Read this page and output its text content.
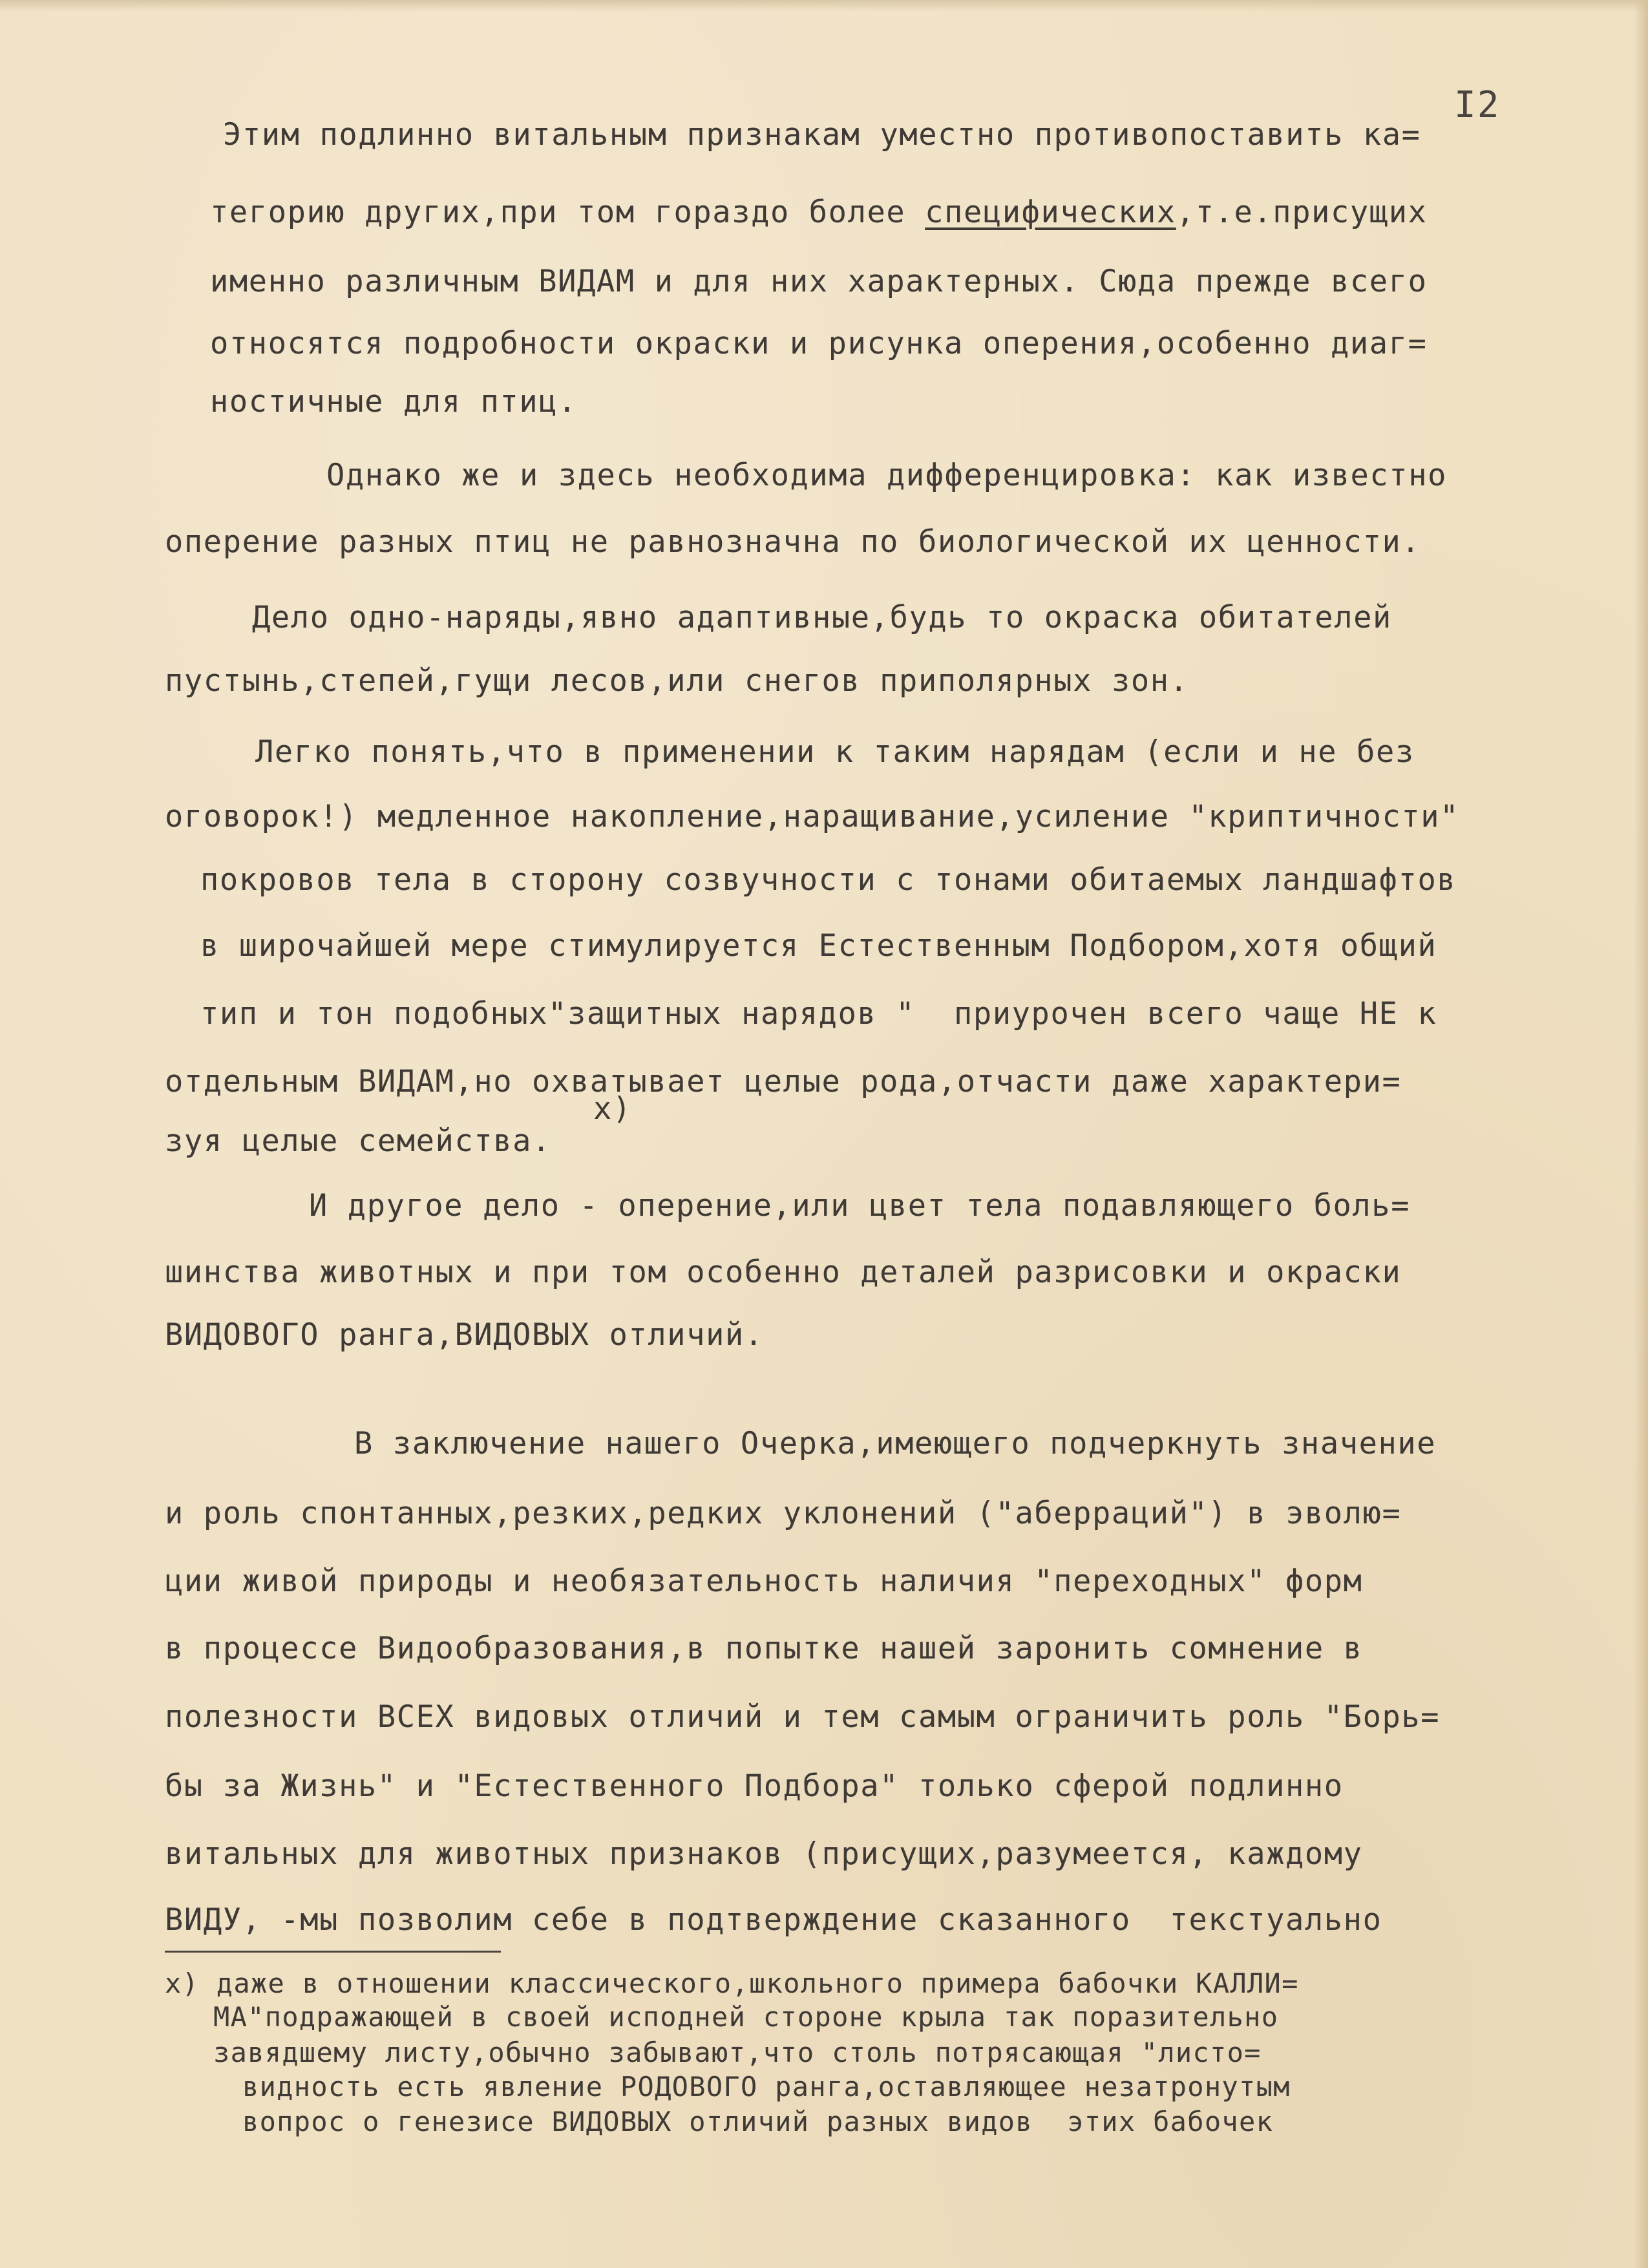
I2
Этим подлинно витальным признакам уместно противопоставить ка=
тегорию других,при том гораздо более специфических,т.е.присущих
именно различным ВИДАМ и для них характерных. Сюда прежде всего
относятся подробности окраски и рисунка оперения,особенно диаг=
ностичные для птиц.
Однако же и здесь необходима дифференцировка: как известно
оперение разных птиц не равнозначна по биологической их ценности.
Дело одно-наряды,явно адаптивные,будь то окраска обитателей
пустынь,степей,гущи лесов,или снегов приполярных зон.
Легко понять,что в применении к таким нарядам (если и не без
оговорок!) медленное накопление,наращивание,усиление "криптичности"
покровов тела в сторону созвучности с тонами обитаемых ландшафтов
в широчайшей мере стимулируется Естественным Подбором,хотя общий
тип и тон подобных"защитных нарядов "  приурочен всего чаще НЕ к
отдельным ВИДАМ,но охватывает целые рода,отчасти даже характери=
х)
зуя целые семейства.
И другое дело - оперение,или цвет тела подавляющего боль=
шинства животных и при том особенно деталей разрисовки и окраски
ВИДОВОГО ранга,ВИДОВЫХ отличий.
В заключение нашего Очерка,имеющего подчеркнуть значение
и роль спонтанных,резких,редких уклонений ("аберраций") в эволю=
ции живой природы и необязательность наличия "переходных" форм
в процессе Видообразования,в попытке нашей заронить сомнение в
полезности ВСЕХ видовых отличий и тем самым ограничить роль "Борь=
бы за Жизнь" и "Естественного Подбора" только сферой подлинно
витальных для животных признаков (присущих,разумеется, каждому
ВИДУ, -мы позволим себе в подтверждение сказанного  текстуально
х) даже в отношении классического,школьного примера бабочки КАЛЛИ=
МА"подражающей в своей исподней стороне крыла так поразительно
завядшему листу,обычно забывают,что столь потрясающая "листо=
видность есть явление РОДОВОГО ранга,оставляющее незатронутым
вопрос о генезисе ВИДОВЫХ отличий разных видов  этих бабочек
